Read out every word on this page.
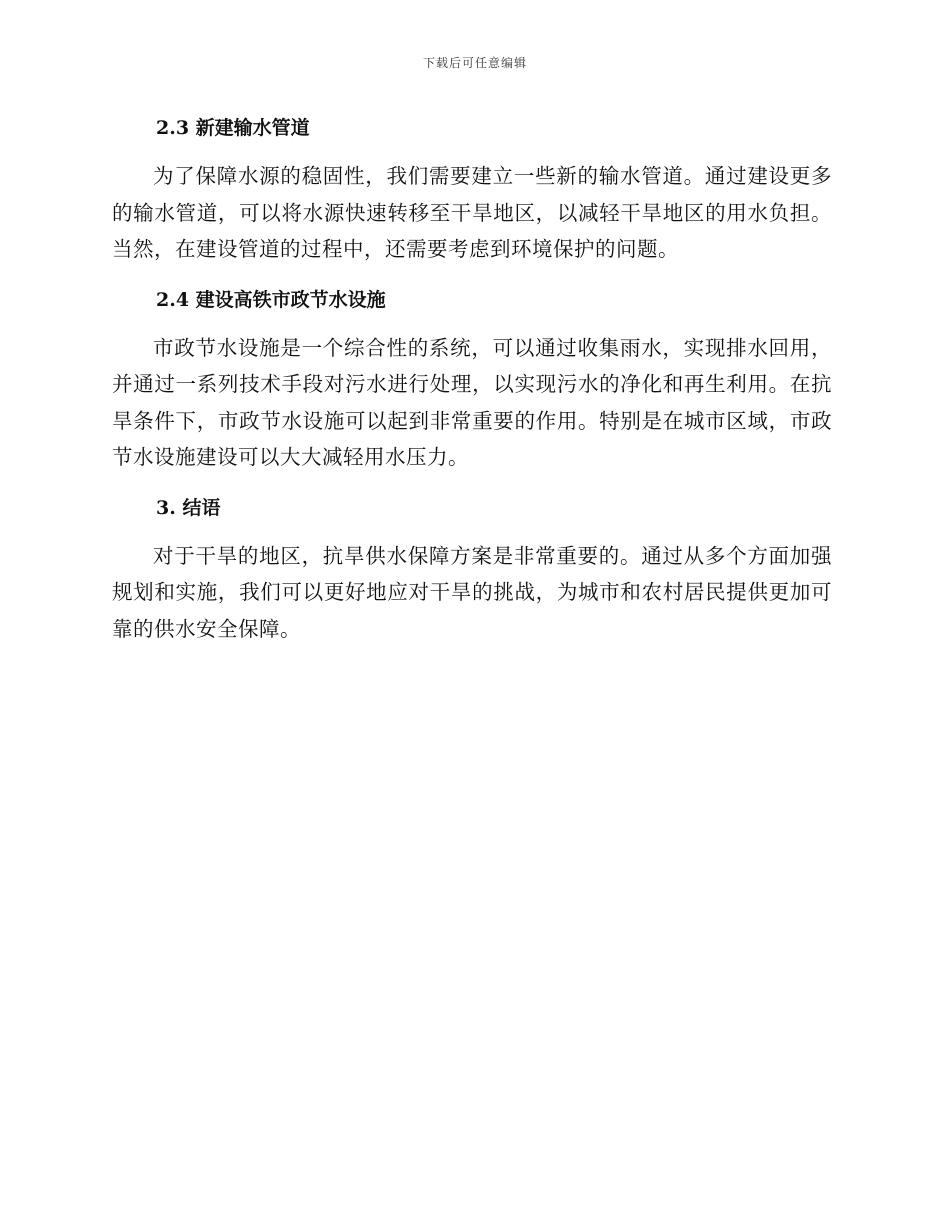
下载后可任意编辑
2.3 新建输水管道

为了保障水源的稳固性，我们需要建立一些新的输水管道。通过建设更多的输水管道，可以将水源快速转移至干旱地区，以减轻干旱地区的用水负担。当然，在建设管道的过程中，还需要考虑到环境保护的问题。

2.4 建设高铁市政节水设施

市政节水设施是一个综合性的系统，可以通过收集雨水，实现排水回用，并通过一系列技术手段对污水进行处理，以实现污水的净化和再生利用。在抗旱条件下，市政节水设施可以起到非常重要的作用。特别是在城市区域，市政节水设施建设可以大大减轻用水压力。

3. 结语

对于干旱的地区，抗旱供水保障方案是非常重要的。通过从多个方面加强规划和实施，我们可以更好地应对干旱的挑战，为城市和农村居民提供更加可靠的供水安全保障。
